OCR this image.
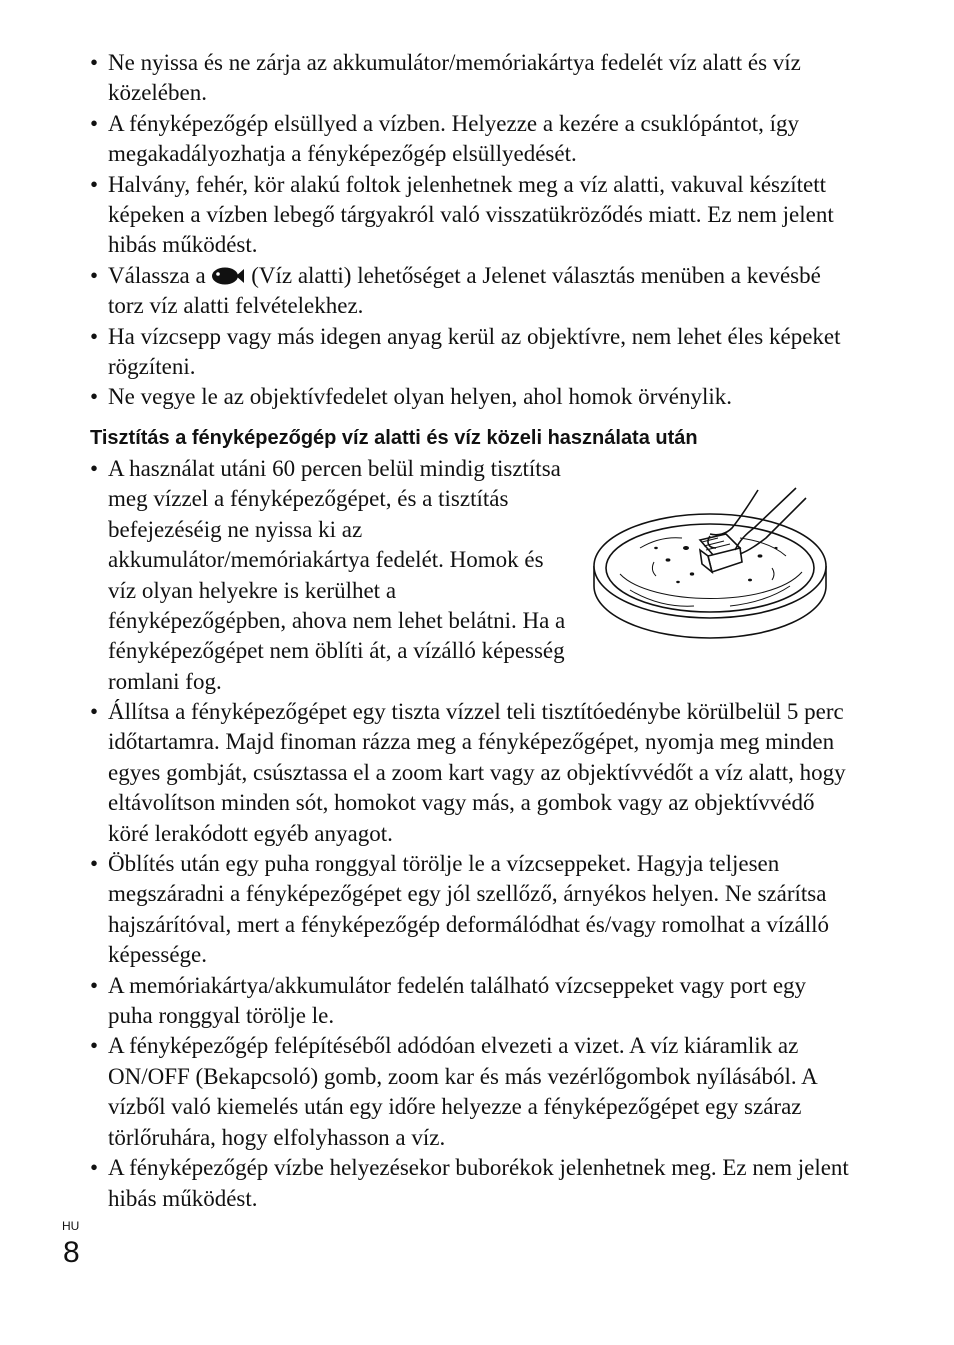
• Ne nyissa és ne zárja az akkumulátor/memóriakártya fedelét víz alatt és víz közelében.
• A fényképezőgép elsüllyed a vízben. Helyezze a kezére a csuklópántot, így megakadályozhatja a fényképezőgép elsüllyedését.
• Halvány, fehér, kör alakú foltok jelenhetnek meg a víz alatti, vakuval készített képeken a vízben lebegő tárgyakról való visszatükröződés miatt. Ez nem jelent hibás működést.
• Válassza a  (Víz alatti) lehetőséget a Jelenet választás menüben a kevésbé torz víz alatti felvételekhez.
• Ha vízcsepp vagy más idegen anyag kerül az objektívre, nem lehet éles képeket rögzíteni.
• Ne vegye le az objektívfedelet olyan helyen, ahol homok örvénylik.
Tisztítás a fényképezőgép víz alatti és víz közeli használata után
• A használat utáni 60 percen belül mindig tisztítsa meg vízzel a fényképezőgépet, és a tisztítás befejezéséig ne nyissa ki az akkumulátor/memóriakártya fedelét. Homok és víz olyan helyekre is kerülhet a fényképezőgépben, ahova nem lehet belátni. Ha a fényképezőgépet nem öblíti át, a vízálló képesség romlani fog.
• Állítsa a fényképezőgépet egy tiszta vízzel teli tisztítóedénybe körülbelül 5 perc időtartamra. Majd finoman rázza meg a fényképezőgépet, nyomja meg minden egyes gombját, csúsztassa el a zoom kart vagy az objektívvédőt a víz alatt, hogy eltávolítson minden sót, homokot vagy más, a gombok vagy az objektívvédő köré lerakódott egyéb anyagot.
• Öblítés után egy puha ronggyal törölje le a vízcseppeket. Hagyja teljesen megszáradni a fényképezőgépet egy jól szellőző, árnyékos helyen. Ne szárítsa hajszárítóval, mert a fényképezőgép deformálódhat és/vagy romolhat a vízálló képessége.
• A memóriakártya/akkumulátor fedelén található vízcseppeket vagy port egy puha ronggyal törölje le.
• A fényképezőgép felépítéséből adódóan elvezeti a vizet. A víz kiáramlik az ON/OFF (Bekapcsoló) gomb, zoom kar és más vezérlőgombok nyílásából. A vízből való kiemelés után egy időre helyezze a fényképezőgépet egy száraz törlőruhára, hogy elfolyhasson a víz.
• A fényképezőgép vízbe helyezésekor buborékok jelenhetnek meg. Ez nem jelent hibás működést.
HU
8
